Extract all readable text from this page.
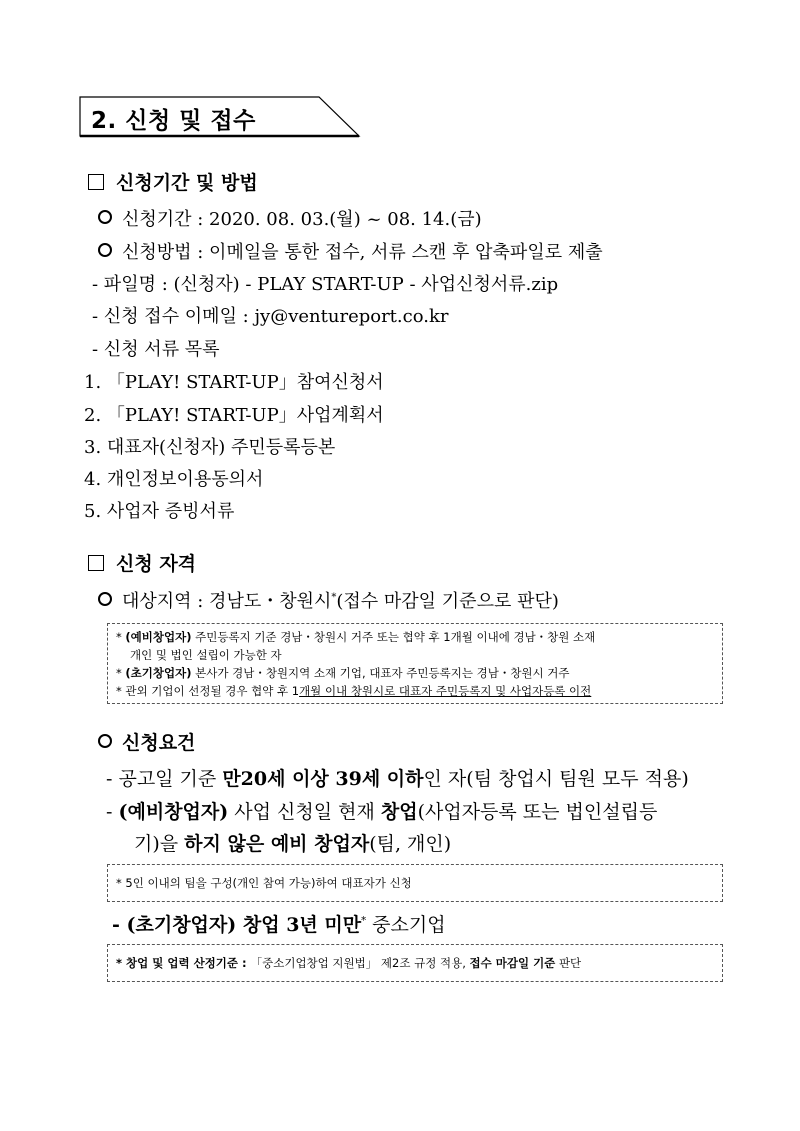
2. 신청 및 접수
신청기간 및 방법
신청기간 : 2020. 08. 03.(월) ~ 08. 14.(금)
신청방법 : 이메일을 통한 접수, 서류 스캔 후 압축파일로 제출
- 파일명 : (신청자) - PLAY START-UP - 사업신청서류.zip
- 신청 접수 이메일 : jy@ventureport.co.kr
- 신청 서류 목록
1. 「PLAY! START-UP」참여신청서
2. 「PLAY! START-UP」사업계획서
3. 대표자(신청자) 주민등록등본
4. 개인정보이용동의서
5. 사업자 증빙서류
신청 자격
대상지역 : 경남도・창원시*(접수 마감일 기준으로 판단)
* (예비창업자) 주민등록지 기준 경남・창원시 거주 또는 협약 후 1개월 이내에 경남・창원 소재
개인 및 법인 설립이 가능한 자
* (초기창업자) 본사가 경남・창원지역 소재 기업, 대표자 주민등록지는 경남・창원시 거주
* 관외 기업이 선정될 경우 협약 후 1개월 이내 창원시로 대표자 주민등록지 및 사업자등록 이전
신청요건
- 공고일 기준 만20세 이상 39세 이하인 자(팀 창업시 팀원 모두 적용)
- (예비창업자) 사업 신청일 현재 창업(사업자등록 또는 법인설립등
기)을 하지 않은 예비 창업자(팀, 개인)
* 5인 이내의 팀을 구성(개인 참여 가능)하여 대표자가 신청
- (초기창업자) 창업 3년 미만* 중소기업
* 창업 및 업력 산정기준 : 「중소기업창업 지원법」 제2조 규정 적용, 접수 마감일 기준 판단
